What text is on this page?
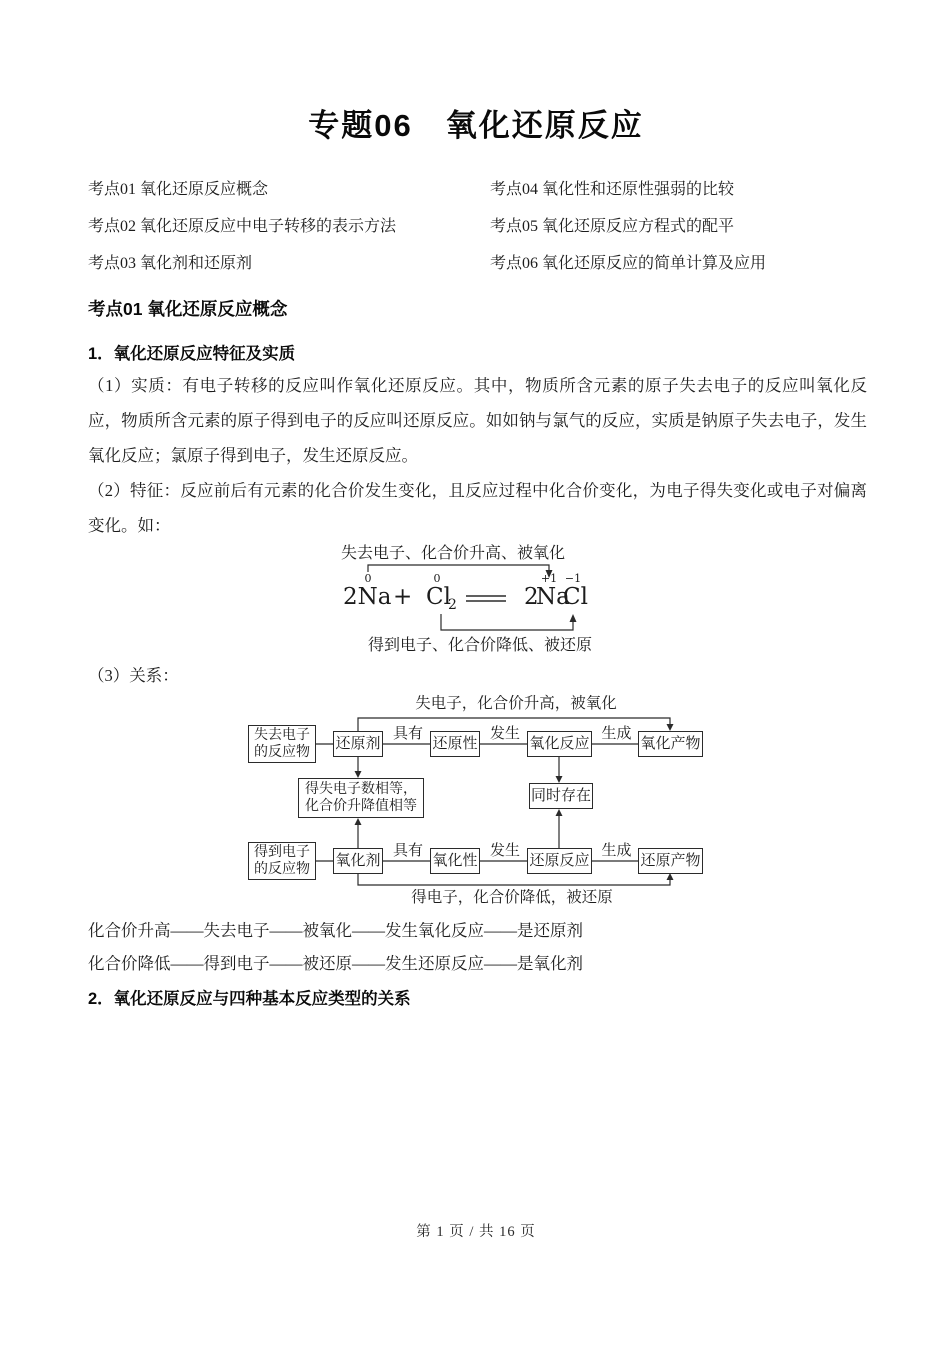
专题06　氧化还原反应
考点01 氧化还原反应概念	考点04 氧化性和还原性强弱的比较
考点02 氧化还原反应中电子转移的表示方法	考点05 氧化还原反应方程式的配平
考点03 氧化剂和还原剂	考点06 氧化还原反应的简单计算及应用
考点01 氧化还原反应概念
1．氧化还原反应特征及实质

（1）实质：有电子转移的反应叫作氧化还原反应。其中，物质所含元素的原子失去电子的反应叫氧化反应，物质所含元素的原子得到电子的反应叫还原反应。如如钠与氯气的反应，实质是钠原子失去电子，发生氧化反应；氯原子得到电子，发生还原反应。

（2）特征：反应前后有元素的化合价发生变化，且反应过程中化合价变化，为电子得失变化或电子对偏离变化。如：

失去电子、化合价升高、被氧化
0	0	+1 −1
2Na + Cl
2	2
Na
Cl
得到电子、化合价降低、被还原

（3）关系：

失电子，化合价升高，被氧化
失去电子
的反应物
还原剂
具有
还原性
发生
氧化反应
生成
氧化产物
得失电子数相等，
化合价升降值相等
同时存在
得到电子
的反应物
氧化剂
具有
氧化性
发生
还原反应
生成
还原产物
得电子，化合价降低，被还原

化合价升高——失去电子——被氧化——发生氧化反应——是还原剂

化合价降低——得到电子——被还原——发生还原反应——是氧化剂

2．氧化还原反应与四种基本反应类型的关系
第 1 页 / 共 16 页
